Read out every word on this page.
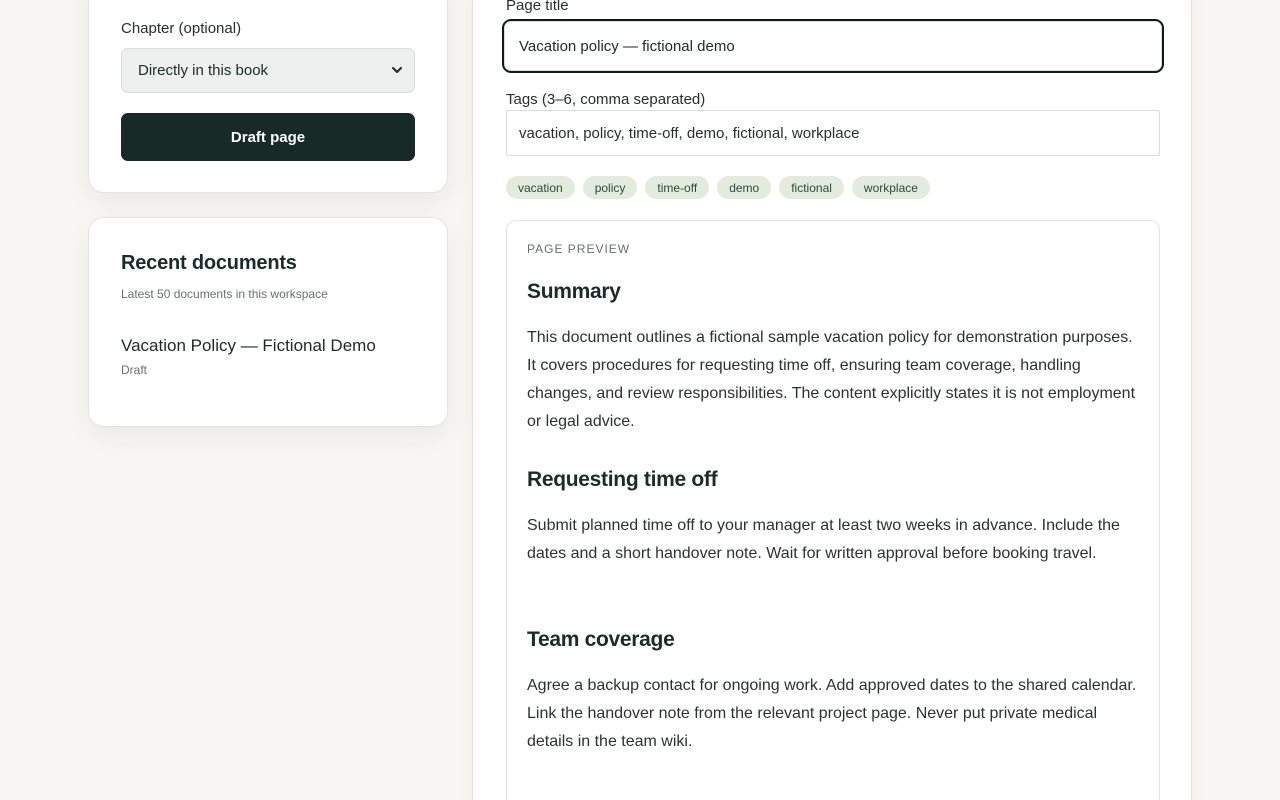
Chapter (optional)
Directly in this book
Draft page
Recent documents
Latest 50 documents in this workspace
Vacation Policy — Fictional Demo
Draft
Page title
Vacation policy — fictional demo
Tags (3–6, comma separated)
vacation, policy, time-off, demo, fictional, workplace
vacation	policy	time-off	demo	fictional	workplace
PAGE PREVIEW
Summary
This document outlines a fictional sample vacation policy for demonstration purposes. It covers procedures for requesting time off, ensuring team coverage, handling changes, and review responsibilities. The content explicitly states it is not employment or legal advice.
Requesting time off
Submit planned time off to your manager at least two weeks in advance. Include the dates and a short handover note. Wait for written approval before booking travel.
Team coverage
Agree a backup contact for ongoing work. Add approved dates to the shared calendar. Link the handover note from the relevant project page. Never put private medical details in the team wiki.
